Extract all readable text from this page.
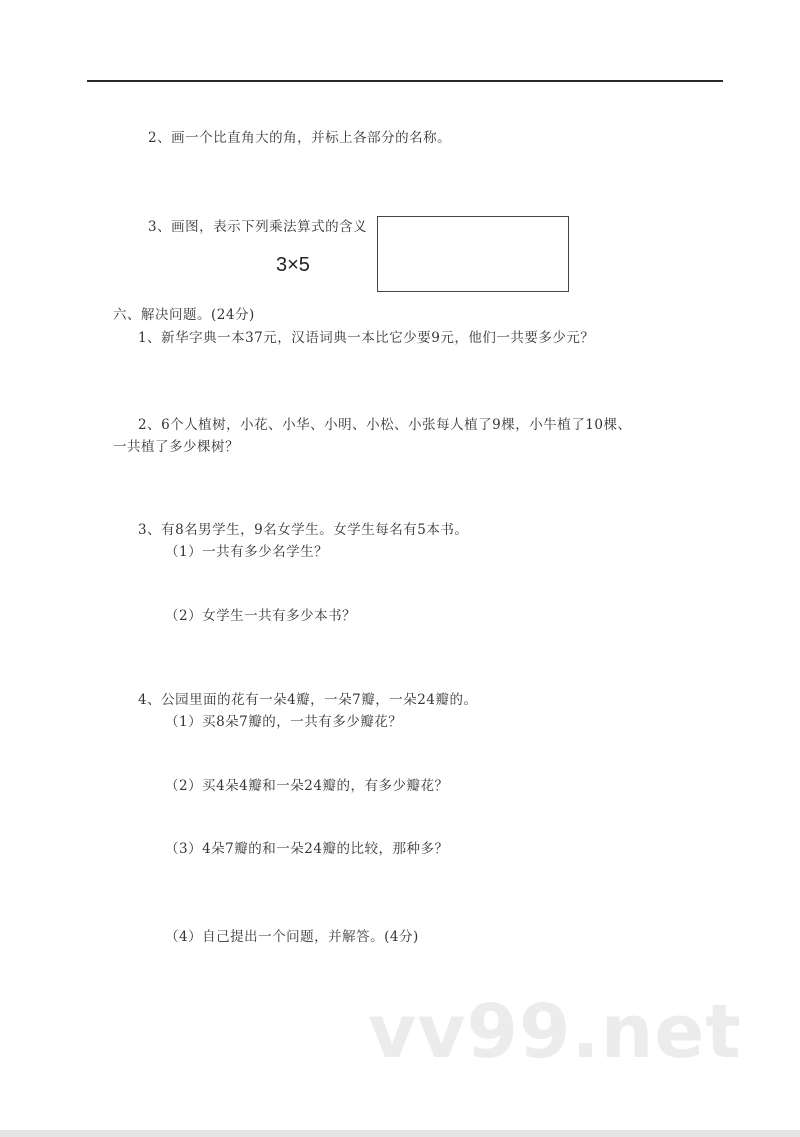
2、画一个比直角大的角，并标上各部分的名称。
3、画图，表示下列乘法算式的含义
3×5
六、解决问题。(24分)
1、新华字典一本37元，汉语词典一本比它少要9元，他们一共要多少元？
2、6个人植树，小花、小华、小明、小松、小张每人植了9棵，小牛植了10棵、
一共植了多少棵树？
3、有8名男学生，9名女学生。女学生每名有5本书。
（1）一共有多少名学生？
（2）女学生一共有多少本书？
4、公园里面的花有一朵4瓣，一朵7瓣，一朵24瓣的。
（1）买8朵7瓣的，一共有多少瓣花？
（2）买4朵4瓣和一朵24瓣的，有多少瓣花？
（3）4朵7瓣的和一朵24瓣的比较，那种多？
（4）自己提出一个问题，并解答。(4分)
vv99.net
